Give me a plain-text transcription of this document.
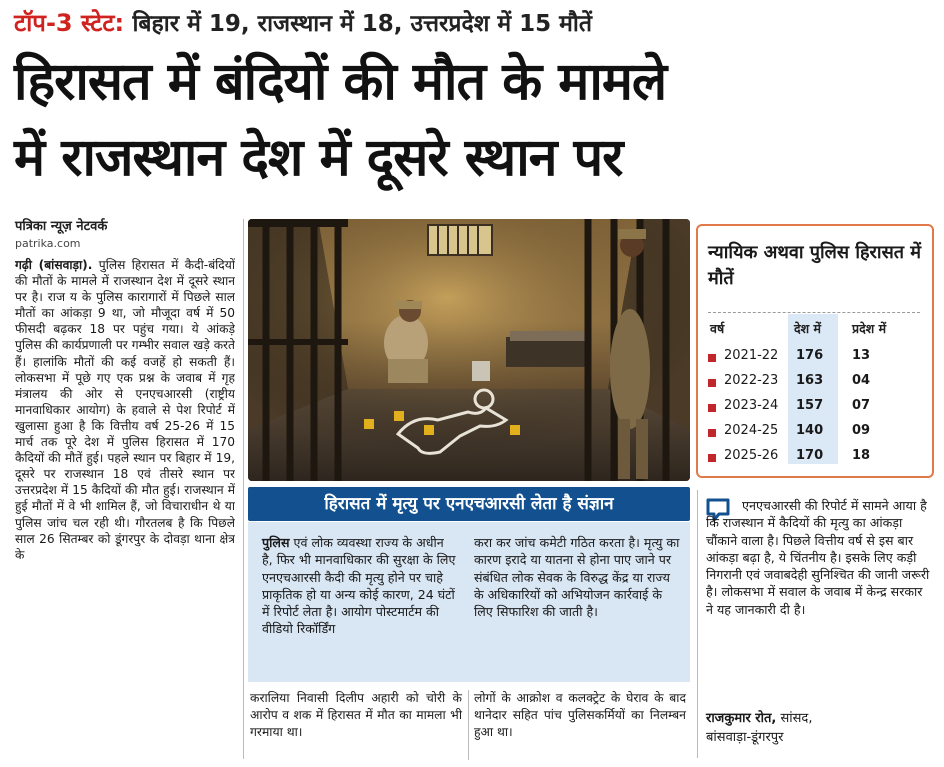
टॉप-3 स्टेट: बिहार में 19, राजस्थान में 18, उत्तरप्रदेश में 15 मौतें
हिरासत में बंदियों की मौत के मामले
में राजस्थान देश में दूसरे स्थान पर
पत्रिका न्यूज़ नेटवर्क
patrika.com
गढ़ी (बांसवाड़ा). पुलिस हिरासत में कैदी-बंदियों की मौतों के मामले में राजस्थान देश में दूसरे स्थान पर है। राज य के पुलिस कारागारों में पिछले साल मौतों का आंकड़ा 9 था, जो मौजूदा वर्ष में 50 फीसदी बढ़कर 18 पर पहुंच गया। ये आंकड़े पुलिस की कार्यप्रणाली पर गम्भीर सवाल खड़े करते हैं। हालांकि मौतों की कई वजहें हो सकती हैं। लोकसभा में पूछे गए एक प्रश्न के जवाब में गृह मंत्रालय की ओर से एनएचआरसी (राष्ट्रीय मानवाधिकार आयोग) के हवाले से पेश रिपोर्ट में खुलासा हुआ है कि वित्तीय वर्ष 25-26 में 15 मार्च तक पूरे देश में पुलिस हिरासत में 170 कैदियों की मौतें हुई। पहले स्थान पर बिहार में 19, दूसरे पर राजस्थान 18 एवं तीसरे स्थान पर उत्तरप्रदेश में 15 कैदियों की मौत हुई। राजस्थान में हुई मौतों में वे भी शामिल हैं, जो विचाराधीन थे या पुलिस जांच चल रही थी। गौरतलब है कि पिछले साल 26 सितम्बर को डूंगरपुर के दोवड़ा थाना क्षेत्र के
हिरासत में मृत्यु पर एनएचआरसी लेता है संज्ञान
पुलिस एवं लोक व्यवस्था राज्य के अधीन है, फिर भी मानवाधिकार की सुरक्षा के लिए एनएचआरसी कैदी की मृत्यु होने पर चाहे प्राकृतिक हो या अन्य कोई कारण, 24 घंटों में रिपोर्ट लेता है। आयोग पोस्टमार्टम की वीडियो रिकॉर्डिंग
करा कर जांच कमेटी गठित करता है। मृत्यु का कारण इरादे या यातना से होना पाए जाने पर संबंधित लोक सेवक के विरुद्ध केंद्र या राज्य के अधिकारियों को अभियोजन कार्रवाई के लिए सिफारिश की जाती है।
करालिया निवासी दिलीप अहारी को चोरी के आरोप व शक में हिरासत में मौत का मामला भी गरमाया था।
लोगों के आक्रोश व कलक्ट्रेट के घेराव के बाद थानेदार सहित पांच पुलिसकर्मियों का निलम्बन हुआ था।
न्यायिक अथवा पुलिस हिरासत में मौतें
वर्ष	देश में प्रदेश में
2021-22 176 13
2022-23 163 04
2023-24 157 07
2024-25 140 09
2025-26 170 18
एनएचआरसी की रिपोर्ट में सामने आया है कि राजस्थान में कैदियों की मृत्यु का आंकड़ा चौंकाने वाला है। पिछले वित्तीय वर्ष से इस बार आंकड़ा बढ़ा है, ये चिंतनीय है। इसके लिए कड़ी निगरानी एवं जवाबदेही सुनिश्चित की जानी जरूरी है। लोकसभा में सवाल के जवाब में केन्द्र सरकार ने यह जानकारी दी है।
राजकुमार रोत, सांसद,
बांसवाड़ा-डूंगरपुर
